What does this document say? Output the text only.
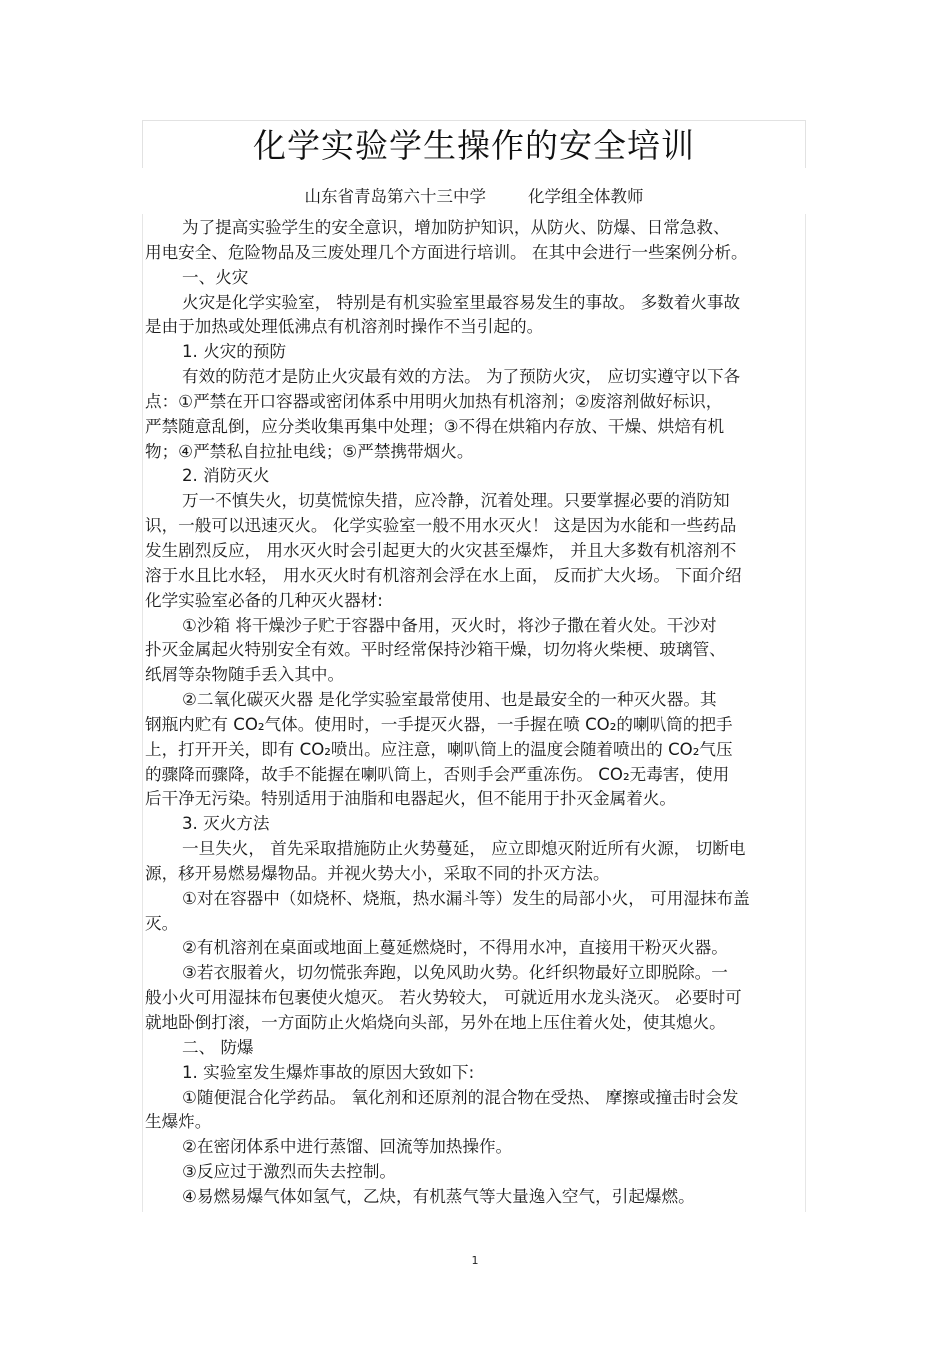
化学实验学生操作的安全培训
山东省青岛第六十三中学        化学组全体教师
为了提高实验学生的安全意识，增加防护知识，从防火、防爆、日常急救、
用电安全、危险物品及三废处理几个方面进行培训。 在其中会进行一些案例分析。
一、火灾
火灾是化学实验室， 特别是有机实验室里最容易发生的事故。 多数着火事故
是由于加热或处理低沸点有机溶剂时操作不当引起的。
1. 火灾的预防
有效的防范才是防止火灾最有效的方法。 为了预防火灾， 应切实遵守以下各
点：①严禁在开口容器或密闭体系中用明火加热有机溶剂；②废溶剂做好标识，
严禁随意乱倒，应分类收集再集中处理；③不得在烘箱内存放、干燥、烘焙有机
物；④严禁私自拉扯电线；⑤严禁携带烟火。
2. 消防灭火
万一不慎失火，切莫慌惊失措，应冷静，沉着处理。只要掌握必要的消防知
识，一般可以迅速灭火。 化学实验室一般不用水灭火！ 这是因为水能和一些药品
发生剧烈反应， 用水灭火时会引起更大的火灾甚至爆炸， 并且大多数有机溶剂不
溶于水且比水轻， 用水灭火时有机溶剂会浮在水上面， 反而扩大火场。 下面介绍
化学实验室必备的几种灭火器材:
①沙箱 将干燥沙子贮于容器中备用，灭火时，将沙子撒在着火处。干沙对
扑灭金属起火特别安全有效。平时经常保持沙箱干燥，切勿将火柴梗、玻璃管、
纸屑等杂物随手丢入其中。
②二氧化碳灭火器 是化学实验室最常使用、也是最安全的一种灭火器。其
钢瓶内贮有 CO₂气体。使用时，一手提灭火器，一手握在喷 CO₂的喇叭筒的把手
上，打开开关，即有 CO₂喷出。应注意，喇叭筒上的温度会随着喷出的 CO₂气压
的骤降而骤降，故手不能握在喇叭筒上，否则手会严重冻伤。 CO₂无毒害，使用
后干净无污染。特别适用于油脂和电器起火，但不能用于扑灭金属着火。
3. 灭火方法
一旦失火， 首先采取措施防止火势蔓延， 应立即熄灭附近所有火源， 切断电
源，移开易燃易爆物品。并视火势大小，采取不同的扑灭方法。
①对在容器中（如烧杯、烧瓶，热水漏斗等）发生的局部小火， 可用湿抹布盖
灭。
②有机溶剂在桌面或地面上蔓延燃烧时，不得用水冲，直接用干粉灭火器。
③若衣服着火，切勿慌张奔跑，以免风助火势。化纤织物最好立即脱除。一
般小火可用湿抹布包裹使火熄灭。 若火势较大， 可就近用水龙头浇灭。 必要时可
就地卧倒打滚，一方面防止火焰烧向头部，另外在地上压住着火处，使其熄火。
二、 防爆
1. 实验室发生爆炸事故的原因大致如下:
①随便混合化学药品。 氧化剂和还原剂的混合物在受热、 摩擦或撞击时会发
生爆炸。
②在密闭体系中进行蒸馏、回流等加热操作。
③反应过于激烈而失去控制。
④易燃易爆气体如氢气，乙炔，有机蒸气等大量逸入空气，引起爆燃。
1
